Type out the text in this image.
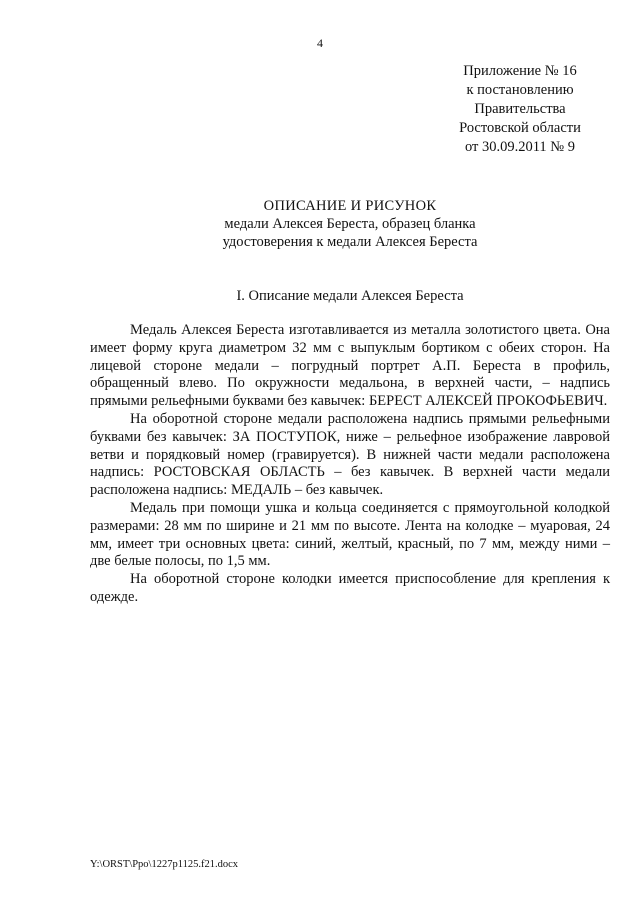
4
Приложение № 16
к постановлению
Правительства
Ростовской области
от 30.09.2011 № 9
ОПИСАНИЕ И РИСУНОК
медали Алексея Береста, образец бланка
удостоверения к медали Алексея Береста
I. Описание медали Алексея Береста

Медаль Алексея Береста изготавливается из металла золотистого цвета. Она имеет форму круга диаметром 32 мм с выпуклым бортиком с обеих сторон. На лицевой стороне медали – погрудный портрет А.П. Береста в профиль, обращенный влево. По окружности медальона, в верхней части, – надпись прямыми рельефными буквами без кавычек: БЕРЕСТ АЛЕКСЕЙ ПРОКОФЬЕВИЧ.

На оборотной стороне медали расположена надпись прямыми рельефными буквами без кавычек: ЗА ПОСТУПОК, ниже – рельефное изображение лавровой ветви и порядковый номер (гравируется). В нижней части медали расположена надпись: РОСТОВСКАЯ ОБЛАСТЬ – без кавычек. В верхней части медали расположена надпись: МЕДАЛЬ – без кавычек.

Медаль при помощи ушка и кольца соединяется с прямоугольной колодкой размерами: 28 мм по ширине и 21 мм по высоте. Лента на колодке – муаровая, 24 мм, имеет три основных цвета: синий, желтый, красный, по 7 мм, между ними – две белые полосы, по 1,5 мм.

На оборотной стороне колодки имеется приспособление для крепления к одежде.

Y:\ORST\Ppo\1227p1125.f21.docx
